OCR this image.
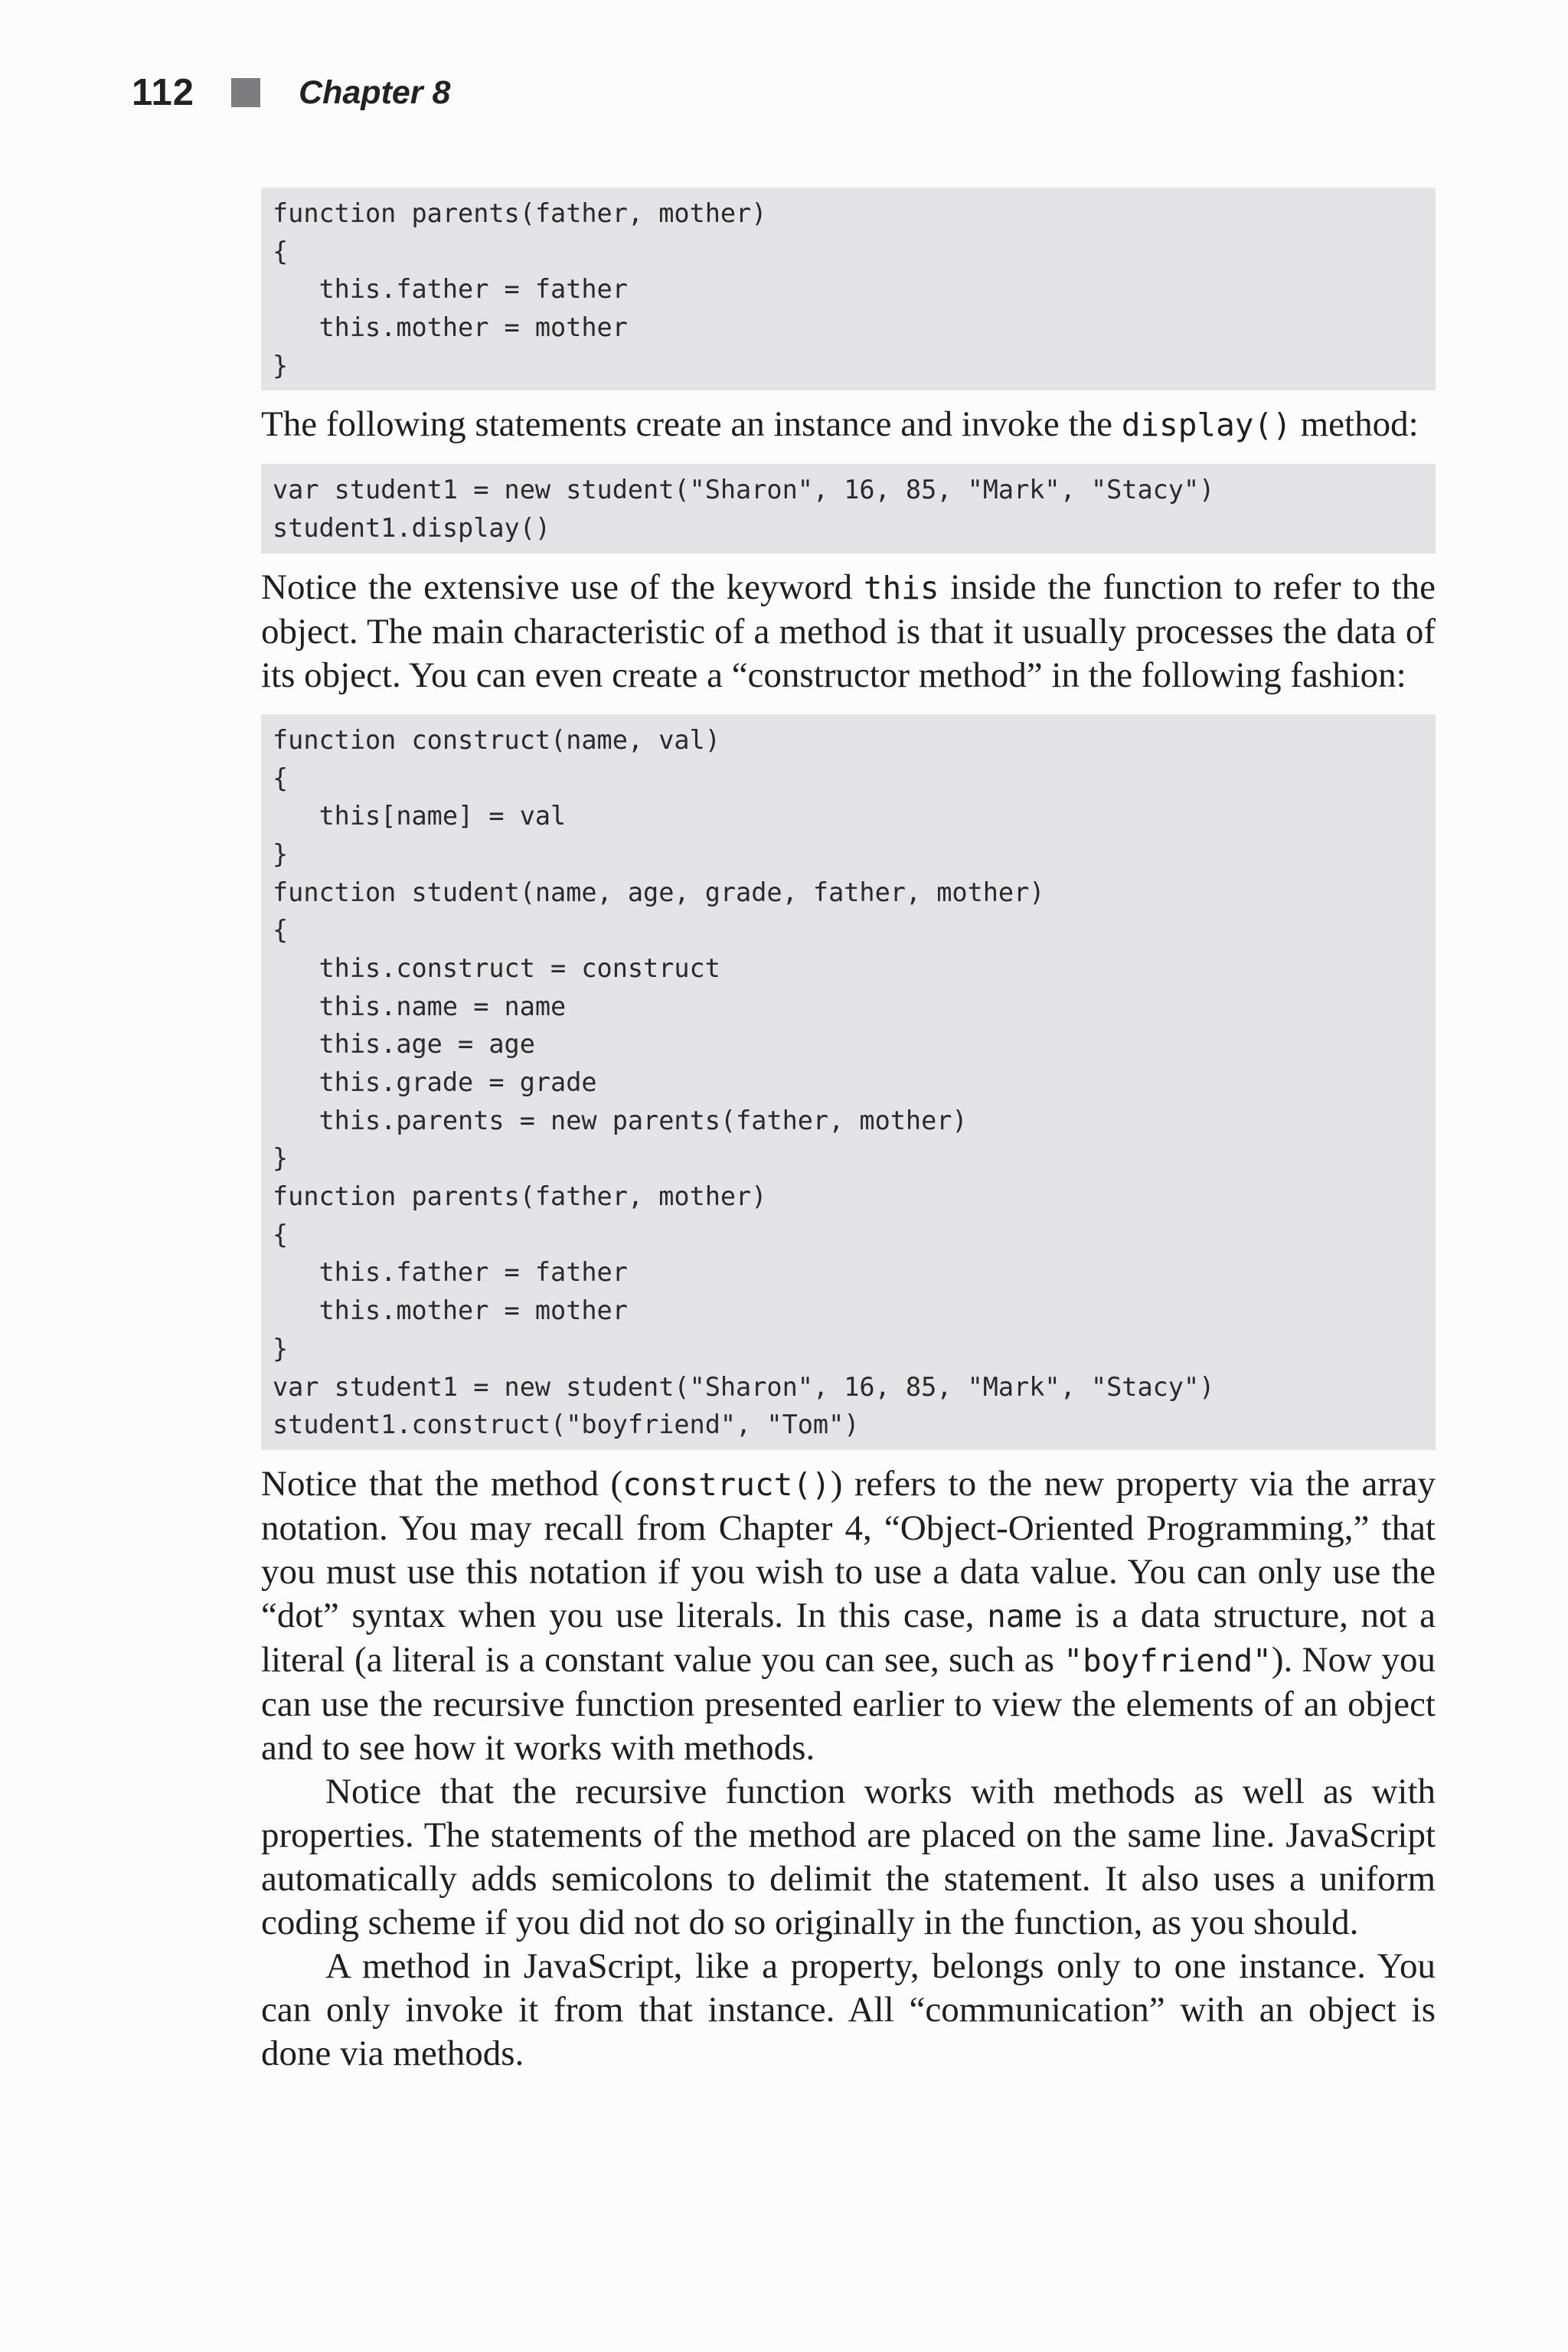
112	Chapter 8
function parents(father, mother)
{
this.father = father
this.mother = mother
}

The following statements create an instance and invoke the display() method:

var student1 = new student("Sharon", 16, 85, "Mark", "Stacy")
student1.display()

Notice the extensive use of the keyword this inside the function to refer to the object. The main characteristic of a method is that it usually processes the data of its object. You can even create a “constructor method” in the following fashion:

function construct(name, val)
{
this[name] = val
}
function student(name, age, grade, father, mother)
{
this.construct = construct
this.name = name
this.age = age
this.grade = grade
this.parents = new parents(father, mother)
}
function parents(father, mother)
{
this.father = father
this.mother = mother
}
var student1 = new student("Sharon", 16, 85, "Mark", "Stacy")
student1.construct("boyfriend", "Tom")

Notice that the method (construct()) refers to the new property via the array notation. You may recall from Chapter 4, “Object-Oriented Programming,” that you must use this notation if you wish to use a data value. You can only use the “dot” syntax when you use literals. In this case, name is a data structure, not a literal (a literal is a constant value you can see, such as "boyfriend"). Now you can use the recursive function presented earlier to view the elements of an object and to see how it works with methods.

Notice that the recursive function works with methods as well as with properties. The statements of the method are placed on the same line. JavaScript automatically adds semicolons to delimit the statement. It also uses a uniform coding scheme if you did not do so originally in the function, as you should.

A method in JavaScript, like a property, belongs only to one instance. You can only invoke it from that instance. All “communication” with an object is done via methods.
